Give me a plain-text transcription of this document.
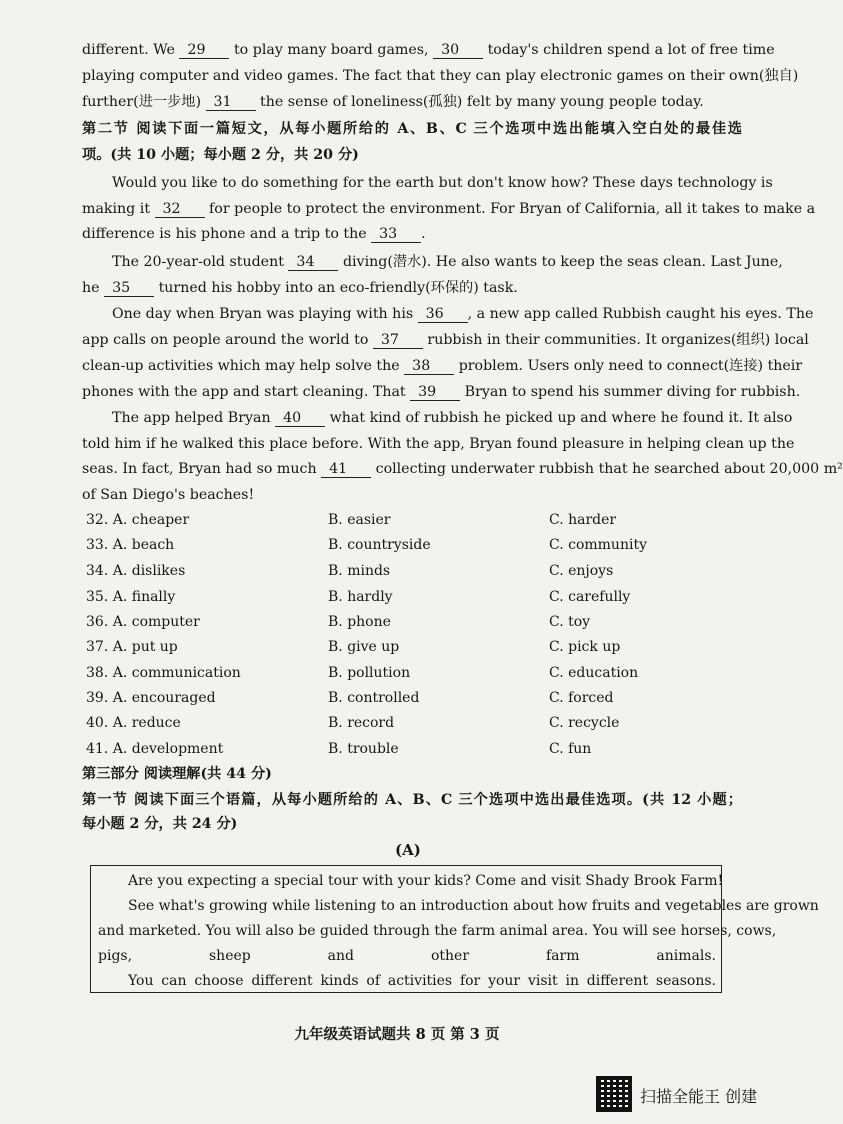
different. We 29 to play many board games, 30 today's children spend a lot of free time
playing computer and video games. The fact that they can play electronic games on their own(独自)
further(进一步地) 31 the sense of loneliness(孤独) felt by many young people today.
第二节 阅读下面一篇短文，从每小题所给的 A、B、C 三个选项中选出能填入空白处的最佳选
项。(共 10 小题；每小题 2 分，共 20 分)
Would you like to do something for the earth but don't know how? These days technology is
making it 32 for people to protect the environment. For Bryan of California, all it takes to make a
difference is his phone and a trip to the 33 .
The 20-year-old student 34 diving(潜水). He also wants to keep the seas clean. Last June,
he 35 turned his hobby into an eco-friendly(环保的) task.
One day when Bryan was playing with his 36 , a new app called Rubbish caught his eyes. The
app calls on people around the world to 37 rubbish in their communities. It organizes(组织) local
clean-up activities which may help solve the 38 problem. Users only need to connect(连接) their
phones with the app and start cleaning. That 39 Bryan to spend his summer diving for rubbish.
The app helped Bryan 40 what kind of rubbish he picked up and where he found it. It also
told him if he walked this place before. With the app, Bryan found pleasure in helping clean up the
seas. In fact, Bryan had so much 41 collecting underwater rubbish that he searched about 20,000 m²
of San Diego's beaches!
32. A. cheaper	B. easier	C. harder
33. A. beach	B. countryside	C. community
34. A. dislikes	B. minds	C. enjoys
35. A. finally	B. hardly	C. carefully
36. A. computer	B. phone	C. toy
37. A. put up	B. give up	C. pick up
38. A. communication	B. pollution	C. education
39. A. encouraged	B. controlled	C. forced
40. A. reduce	B. record	C. recycle
41. A. development	B. trouble	C. fun
第三部分 阅读理解(共 44 分)
第一节 阅读下面三个语篇，从每小题所给的 A、B、C 三个选项中选出最佳选项。(共 12 小题；
每小题 2 分，共 24 分)
(A)
Are you expecting a special tour with your kids? Come and visit Shady Brook Farm!
See what's growing while listening to an introduction about how fruits and vegetables are grown
and marketed. You will also be guided through the farm animal area. You will see horses, cows,
pigs, sheep and other farm animals.
You can choose different kinds of activities for your visit in different seasons.
九年级英语试题共 8 页 第 3 页
扫描全能王 创建
